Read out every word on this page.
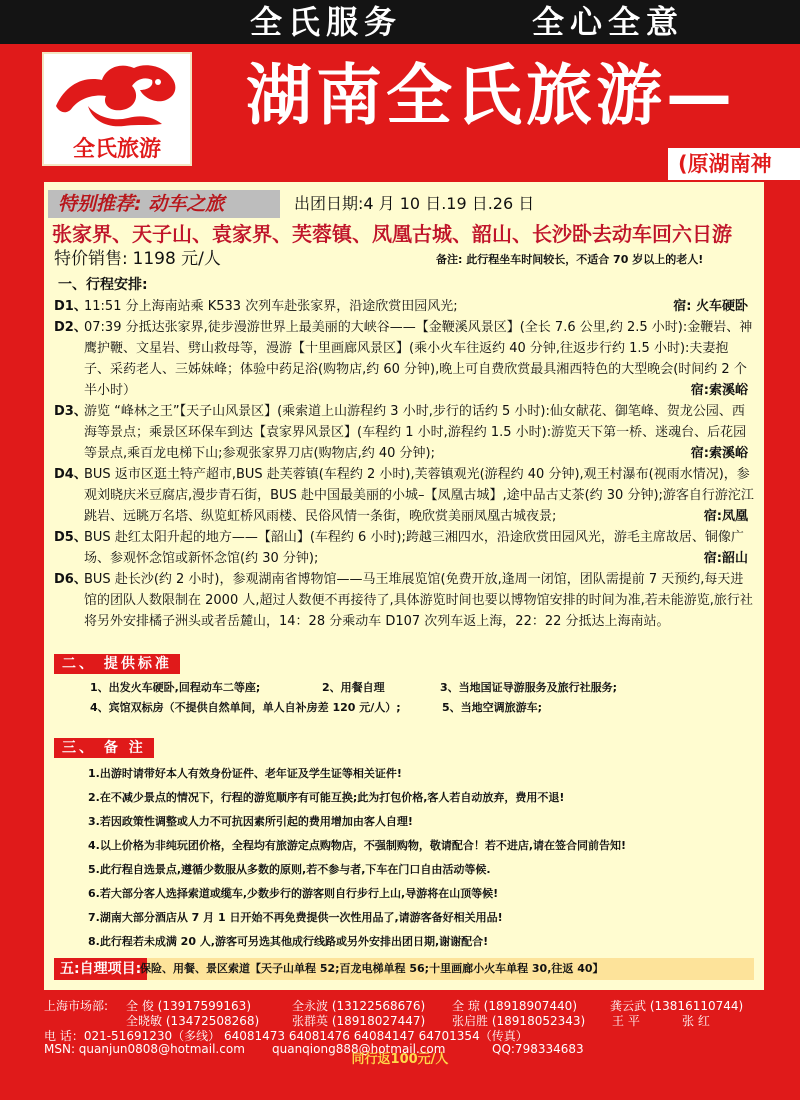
全氏服务	全心全意
全氏旅游
湖南全氏旅游—
(原湖南神
特别推荐: 动车之旅	出团日期:4 月 10 日.19 日.26 日
张家界、天子山、袁家界、芙蓉镇、凤凰古城、韶山、长沙卧去动车回六日游
特价销售: 1198 元/人	备注: 此行程坐车时间较长，不适合 70 岁以上的老人!
一、行程安排:
D1、
11:51 分上海南站乘 K533 次列车赴张家界，沿途欣赏田园风光;	宿: 火车硬卧
D2、
07:39 分抵达张家界,徒步漫游世界上最美丽的大峡谷——【金鞭溪风景区】(全长 7.6 公里,约 2.5 小时):金鞭岩、神鹰护鞭、文星岩、劈山救母等，漫游【十里画廊风景区】(乘小火车往返约 40 分钟,往返步行约 1.5 小时):夫妻抱子、采药老人、三姊妹峰；体验中药足浴(购物店,约 60 分钟),晚上可自费欣赏最具湘西特色的大型晚会(时间约 2 个半小时）	宿:索溪峪
D3、
游览 “峰林之王”【天子山风景区】(乘索道上山游程约 3 小时,步行的话约 5 小时):仙女献花、御笔峰、贺龙公园、西海等景点；乘景区环保车到达【袁家界风景区】(车程约 1 小时,游程约 1.5 小时):游览天下第一桥、迷魂台、后花园等景点,乘百龙电梯下山;参观张家界刀店(购物店,约 40 分钟);	宿:索溪峪
D4、
BUS 返市区逛土特产超市,BUS 赴芙蓉镇(车程约 2 小时),芙蓉镇观光(游程约 40 分钟),观王村瀑布(视雨水情况)，参观刘晓庆米豆腐店,漫步青石街，BUS 赴中国最美丽的小城–【凤凰古城】,途中品古丈茶(约 30 分钟);游客自行游沱江跳岩、远眺万名塔、纵览虹桥风雨楼、民俗风情一条街，晚欣赏美丽凤凰古城夜景;	宿:凤凰
D5、
BUS 赴红太阳升起的地方——【韶山】(车程约 6 小时);跨越三湘四水，沿途欣赏田园风光，游毛主席故居、铜像广场、参观怀念馆或新怀念馆(约 30 分钟);	宿:韶山
D6、
BUS 赴长沙(约 2 小时)，参观湖南省博物馆——马王堆展览馆(免费开放,逢周一闭馆，团队需提前 7 天预约,每天进馆的团队人数限制在 2000 人,超过人数便不再接待了,具体游览时间也要以博物馆安排的时间为准,若未能游览,旅行社将另外安排橘子洲头或者岳麓山，14：28 分乘动车 D107 次列车返上海，22：22 分抵达上海南站。
二、 提供标准
1、出发火车硬卧,回程动车二等座;	2、用餐自理	3、当地国证导游服务及旅行社服务;
4、宾馆双标房（不提供自然单间，单人自补房差 120 元/人）;	5、当地空调旅游车;
三、 备 注
1.出游时请带好本人有效身份证件、老年证及学生证等相关证件!
2.在不减少景点的情况下，行程的游览顺序有可能互换;此为打包价格,客人若自动放弃，费用不退!
3.若因政策性调整或人力不可抗因素所引起的费用增加由客人自理!
4.以上价格为非纯玩团价格，全程均有旅游定点购物店，不强制购物，敬请配合！若不进店,请在签合同前告知!
5.此行程自选景点,遵循少数服从多数的原则,若不参与者,下车在门口自由活动等候.
6.若大部分客人选择索道或缆车,少数步行的游客则自行步行上山,导游将在山顶等候!
7.湖南大部分酒店从 7 月 1 日开始不再免费提供一次性用品了,请游客备好相关用品!
8.此行程若未成满 20 人,游客可另选其他成行线路或另外安排出团日期,谢谢配合!
五:自理项目:
保险、用餐、景区索道【天子山单程 52;百龙电梯单程 56;十里画廊小火车单程 30,往返 40】
上海市场部: 全 俊 (13917599163)	全永波 (13122568676) 全 琼 (18918907440)	龚云武 (13816110744)
全晓敏 (13472508268)	张群英 (18918027447) 张启胜 (18918052343) 王 平	张 红
电 话：021-51691230（多线） 64081473 64081476 64084147 64701354（传真）
MSN: quanjun0808@hotmail.com quanqiong888@hotmail.com	QQ:798334683
同行返100元/人
